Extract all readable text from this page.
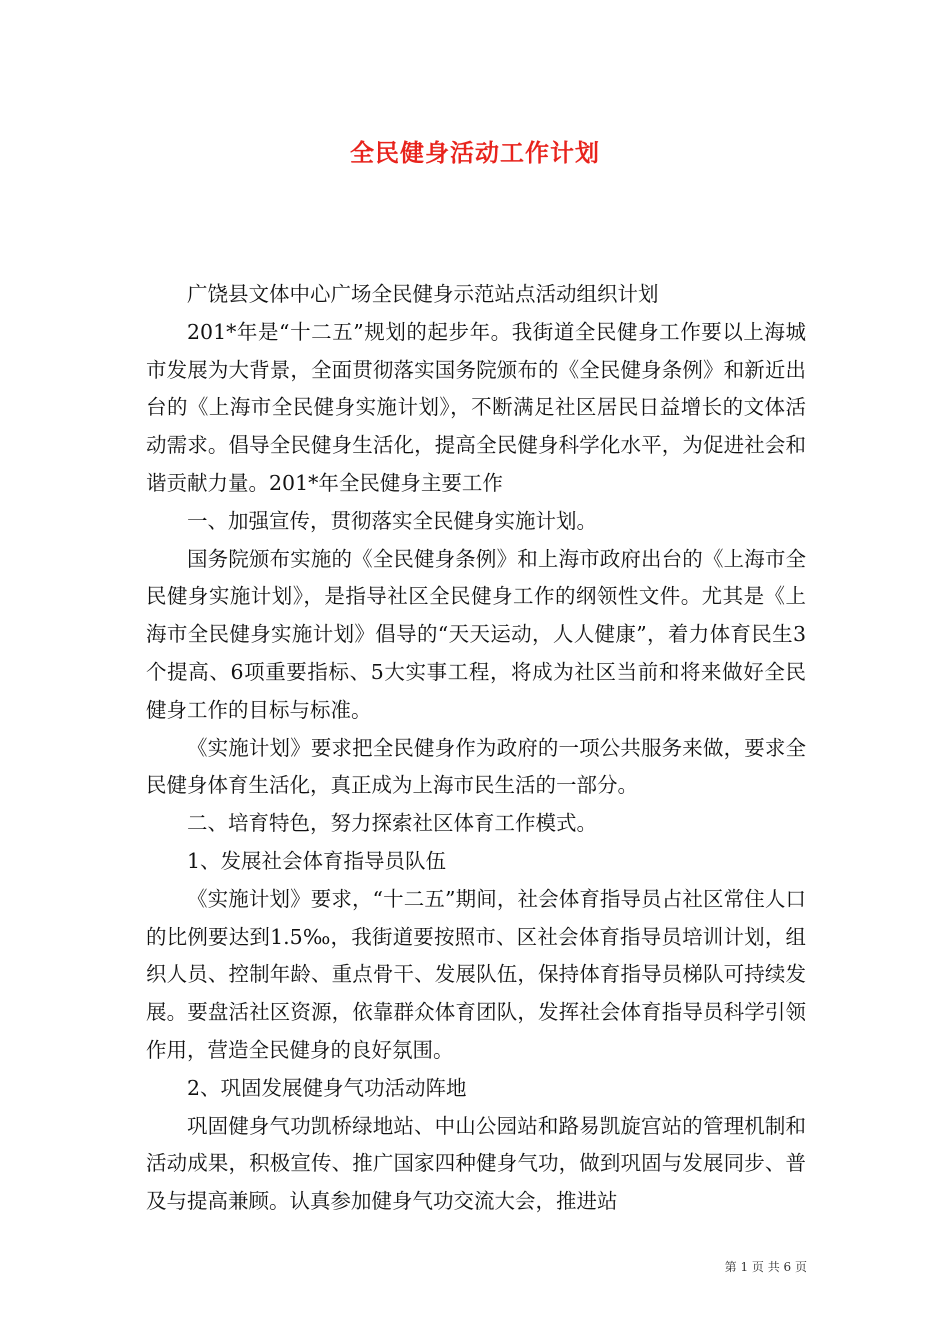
全民健身活动工作计划

广饶县文体中心广场全民健身示范站点活动组织计划

201*年是“十二五”规划的起步年。我街道全民健身工作要以上海城市发展为大背景，全面贯彻落实国务院颁布的《全民健身条例》和新近出台的《上海市全民健身实施计划》，不断满足社区居民日益增长的文体活动需求。倡导全民健身生活化，提高全民健身科学化水平，为促进社会和谐贡献力量。201*年全民健身主要工作

一、加强宣传，贯彻落实全民健身实施计划。

国务院颁布实施的《全民健身条例》和上海市政府出台的《上海市全民健身实施计划》，是指导社区全民健身工作的纲领性文件。尤其是《上海市全民健身实施计划》倡导的“天天运动，人人健康”，着力体育民生3个提高、6项重要指标、5大实事工程，将成为社区当前和将来做好全民健身工作的目标与标准。

《实施计划》要求把全民健身作为政府的一项公共服务来做，要求全民健身体育生活化，真正成为上海市民生活的一部分。

二、培育特色，努力探索社区体育工作模式。

1、发展社会体育指导员队伍

《实施计划》要求，“十二五”期间，社会体育指导员占社区常住人口的比例要达到1.5‰，我街道要按照市、区社会体育指导员培训计划，组织人员、控制年龄、重点骨干、发展队伍，保持体育指导员梯队可持续发展。要盘活社区资源，依靠群众体育团队，发挥社会体育指导员科学引领作用，营造全民健身的良好氛围。

2、巩固发展健身气功活动阵地

巩固健身气功凯桥绿地站、中山公园站和路易凯旋宫站的管理机制和活动成果，积极宣传、推广国家四种健身气功，做到巩固与发展同步、普及与提高兼顾。认真参加健身气功交流大会，推进站

第 1 页 共 6 页
